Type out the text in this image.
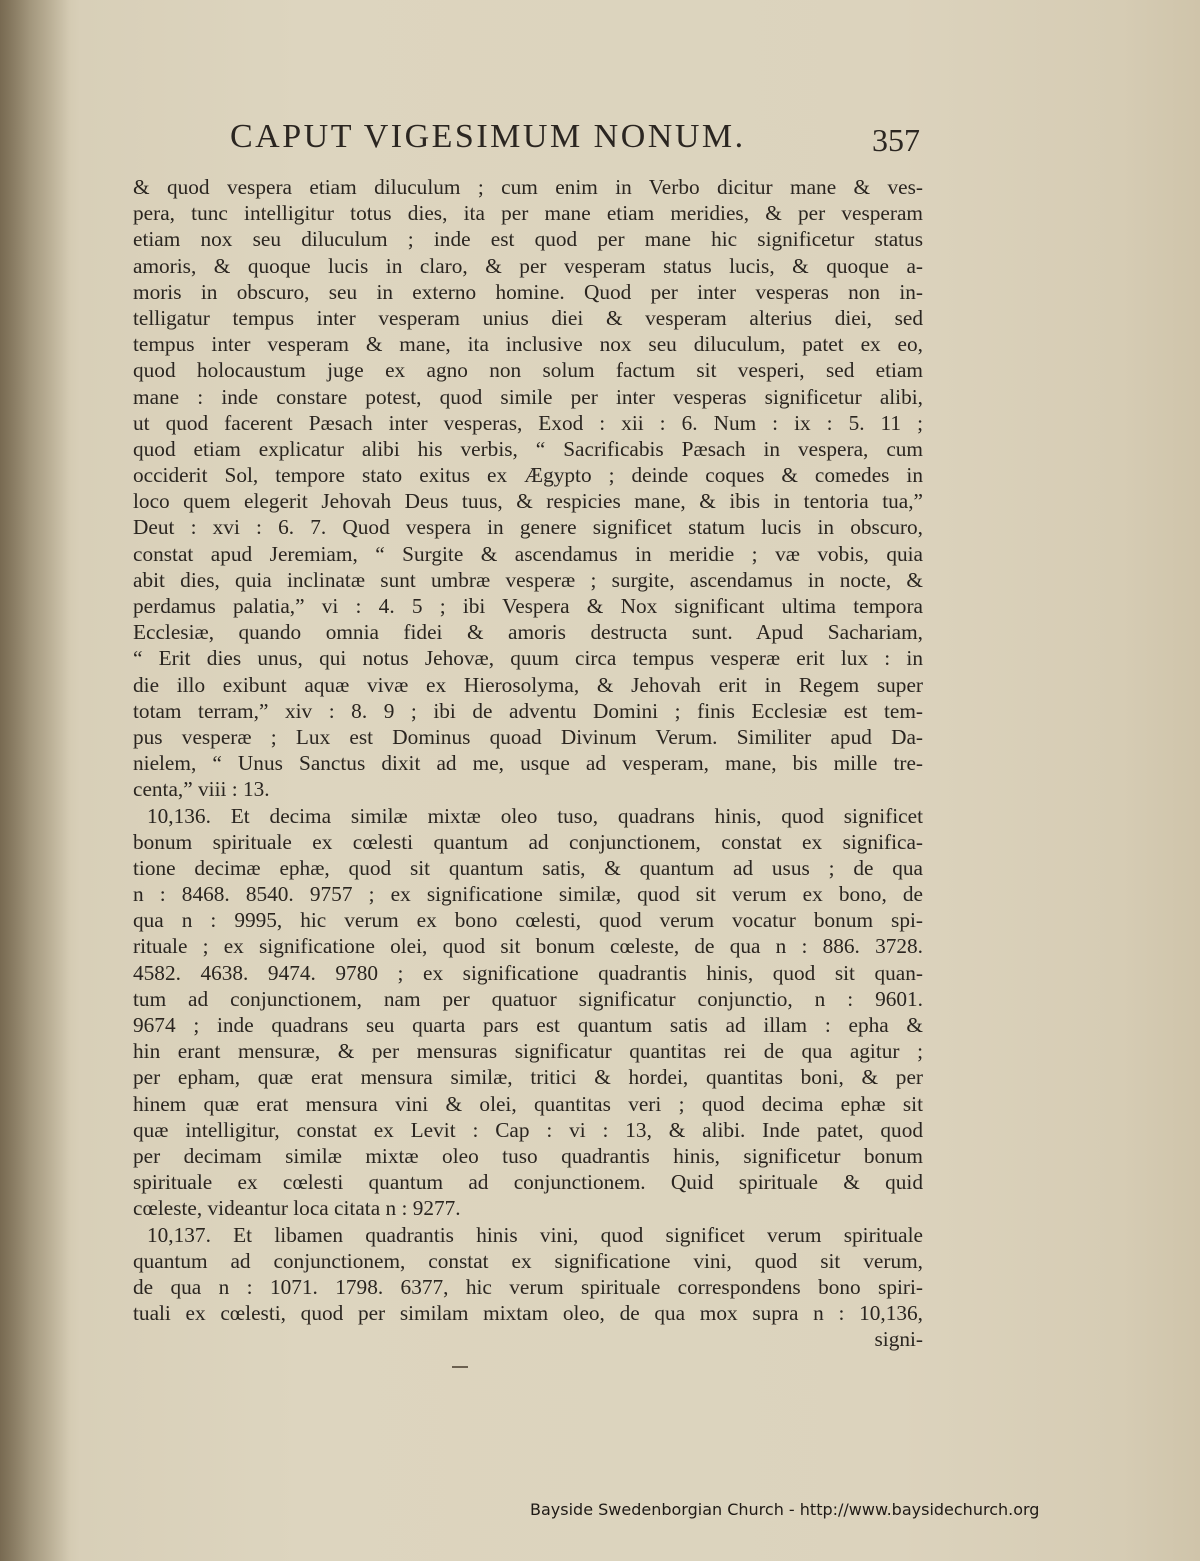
CAPUT VIGESIMUM NONUM.	357
& quod vespera etiam diluculum ; cum enim in Verbo dicitur mane & ves-
pera, tunc intelligitur totus dies, ita per mane etiam meridies, & per vesperam
etiam nox seu diluculum ; inde est quod per mane hic significetur status
amoris, & quoque lucis in claro, & per vesperam status lucis, & quoque a-
moris in obscuro, seu in externo homine. Quod per inter vesperas non in-
telligatur tempus inter vesperam unius diei & vesperam alterius diei, sed
tempus inter vesperam & mane, ita inclusive nox seu diluculum, patet ex eo,
quod holocaustum juge ex agno non solum factum sit vesperi, sed etiam
mane : inde constare potest, quod simile per inter vesperas significetur alibi,
ut quod facerent Pæsach inter vesperas, Exod : xii : 6. Num : ix : 5. 11 ;
quod etiam explicatur alibi his verbis, “ Sacrificabis Pæsach in vespera, cum
occiderit Sol, tempore stato exitus ex Ægypto ; deinde coques & comedes in
loco quem elegerit Jehovah Deus tuus, & respicies mane, & ibis in tentoria tua,”
Deut : xvi : 6. 7. Quod vespera in genere significet statum lucis in obscuro,
constat apud Jeremiam, “ Surgite & ascendamus in meridie ; væ vobis, quia
abit dies, quia inclinatæ sunt umbræ vesperæ ; surgite, ascendamus in nocte, &
perdamus palatia,” vi : 4. 5 ; ibi Vespera & Nox significant ultima tempora
Ecclesiæ, quando omnia fidei & amoris destructa sunt. Apud Sachariam,
“ Erit dies unus, qui notus Jehovæ, quum circa tempus vesperæ erit lux : in
die illo exibunt aquæ vivæ ex Hierosolyma, & Jehovah erit in Regem super
totam terram,” xiv : 8. 9 ; ibi de adventu Domini ; finis Ecclesiæ est tem-
pus vesperæ ; Lux est Dominus quoad Divinum Verum. Similiter apud Da-
nielem, “ Unus Sanctus dixit ad me, usque ad vesperam, mane, bis mille tre-
centa,” viii : 13.
10,136. Et decima similæ mixtæ oleo tuso, quadrans hinis, quod significet
bonum spirituale ex cœlesti quantum ad conjunctionem, constat ex significa-
tione decimæ ephæ, quod sit quantum satis, & quantum ad usus ; de qua
n : 8468. 8540. 9757 ; ex significatione similæ, quod sit verum ex bono, de
qua n : 9995, hic verum ex bono cœlesti, quod verum vocatur bonum spi-
rituale ; ex significatione olei, quod sit bonum cœleste, de qua n : 886. 3728.
4582. 4638. 9474. 9780 ; ex significatione quadrantis hinis, quod sit quan-
tum ad conjunctionem, nam per quatuor significatur conjunctio, n : 9601.
9674 ; inde quadrans seu quarta pars est quantum satis ad illam : epha &
hin erant mensuræ, & per mensuras significatur quantitas rei de qua agitur ;
per epham, quæ erat mensura similæ, tritici & hordei, quantitas boni, & per
hinem quæ erat mensura vini & olei, quantitas veri ; quod decima ephæ sit
quæ intelligitur, constat ex Levit : Cap : vi : 13, & alibi. Inde patet, quod
per decimam similæ mixtæ oleo tuso quadrantis hinis, significetur bonum
spirituale ex cœlesti quantum ad conjunctionem. Quid spirituale & quid
cœleste, videantur loca citata n : 9277.
10,137. Et libamen quadrantis hinis vini, quod significet verum spirituale
quantum ad conjunctionem, constat ex significatione vini, quod sit verum,
de qua n : 1071. 1798. 6377, hic verum spirituale correspondens bono spiri-
tuali ex cœlesti, quod per similam mixtam oleo, de qua mox supra n : 10,136,
signi-
Bayside Swedenborgian Church - http://www.baysidechurch.org
